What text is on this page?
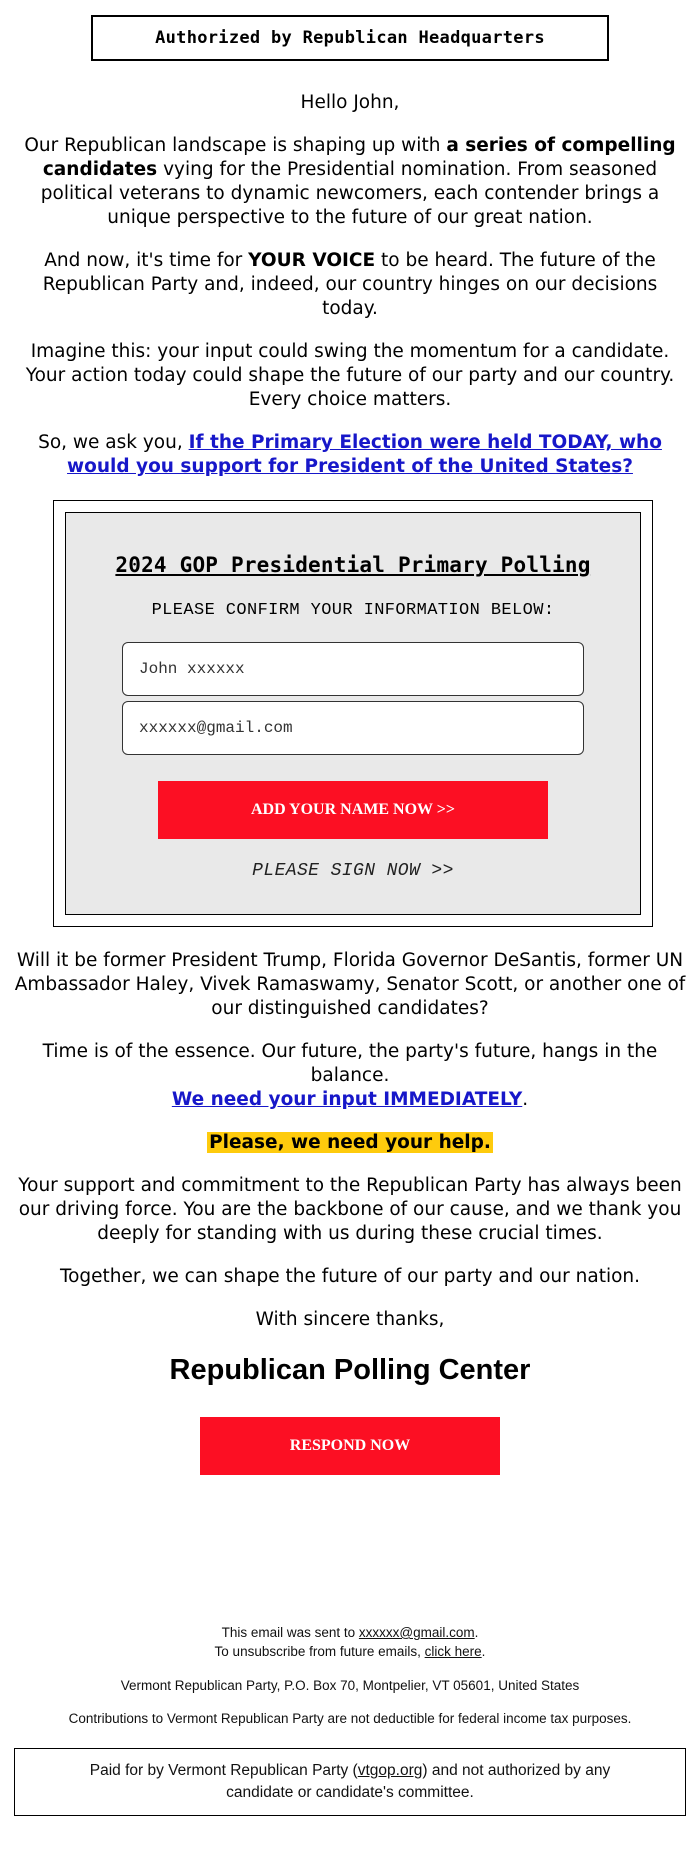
Authorized by Republican Headquarters

Hello John,

Our Republican landscape is shaping up with a series of compelling candidates vying for the Presidential nomination. From seasoned political veterans to dynamic newcomers, each contender brings a unique perspective to the future of our great nation.

And now, it's time for YOUR VOICE to be heard. The future of the Republican Party and, indeed, our country hinges on our decisions today.

Imagine this: your input could swing the momentum for a candidate. Your action today could shape the future of our party and our country. Every choice matters.

So, we ask you, If the Primary Election were held TODAY, who would you support for President of the United States?

2024 GOP Presidential Primary Polling
PLEASE CONFIRM YOUR INFORMATION BELOW:
John xxxxxx
xxxxxx@gmail.com
ADD YOUR NAME NOW >>
PLEASE SIGN NOW >>

Will it be former President Trump, Florida Governor DeSantis, former UN Ambassador Haley, Vivek Ramaswamy, Senator Scott, or another one of our distinguished candidates?

Time is of the essence. Our future, the party's future, hangs in the balance.
We need your input IMMEDIATELY.

Please, we need your help.

Your support and commitment to the Republican Party has always been our driving force. You are the backbone of our cause, and we thank you deeply for standing with us during these crucial times.

Together, we can shape the future of our party and our nation.

With sincere thanks,

Republican Polling Center
RESPOND NOW

This email was sent to xxxxxx@gmail.com.

To unsubscribe from future emails, click here.

Vermont Republican Party, P.O. Box 70, Montpelier, VT 05601, United States

Contributions to Vermont Republican Party are not deductible for federal income tax purposes.

Paid for by Vermont Republican Party (vtgop.org) and not authorized by any candidate or candidate's committee.
